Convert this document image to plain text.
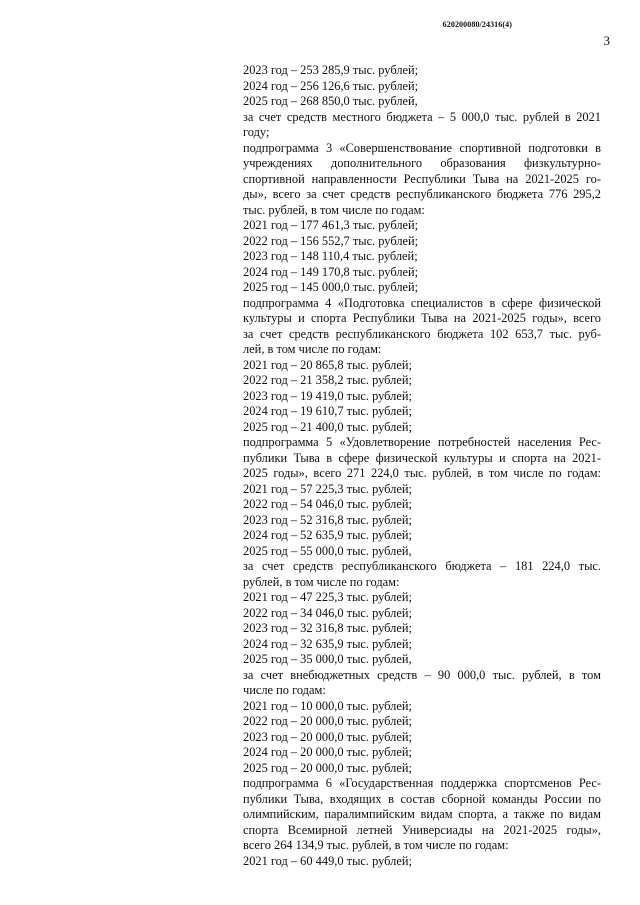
620200080/24316(4)
3
2023 год – 253 285,9 тыс. рублей;
2024 год – 256 126,6 тыс. рублей;
2025 год – 268 850,0 тыс. рублей,
за счет средств местного бюджета – 5 000,0 тыс. рублей в 2021
году;
подпрограмма 3 «Совершенствование спортивной подготовки в
учреждениях дополнительного образования физкультурно-
спортивной направленности Республики Тыва на 2021-2025 го-
ды», всего за счет средств республиканского бюджета 776 295,2
тыс. рублей, в том числе по годам:
2021 год – 177 461,3 тыс. рублей;
2022 год – 156 552,7 тыс. рублей;
2023 год – 148 110,4 тыс. рублей;
2024 год – 149 170,8 тыс. рублей;
2025 год – 145 000,0 тыс. рублей;
подпрограмма 4 «Подготовка специалистов в сфере физической
культуры и спорта Республики Тыва на 2021-2025 годы», всего
за счет средств республиканского бюджета 102 653,7 тыс. руб-
лей, в том числе по годам:
2021 год – 20 865,8 тыс. рублей;
2022 год – 21 358,2 тыс. рублей;
2023 год – 19 419,0 тыс. рублей;
2024 год – 19 610,7 тыс. рублей;
2025 год – 21 400,0 тыс. рублей;
подпрограмма 5 «Удовлетворение потребностей населения Рес-
публики Тыва в сфере физической культуры и спорта на 2021-
2025 годы», всего 271 224,0 тыс. рублей, в том числе по годам:
2021 год – 57 225,3 тыс. рублей;
2022 год – 54 046,0 тыс. рублей;
2023 год – 52 316,8 тыс. рублей;
2024 год – 52 635,9 тыс. рублей;
2025 год – 55 000,0 тыс. рублей,
за счет средств республиканского бюджета – 181 224,0 тыс.
рублей, в том числе по годам:
2021 год – 47 225,3 тыс. рублей;
2022 год – 34 046,0 тыс. рублей;
2023 год – 32 316,8 тыс. рублей;
2024 год – 32 635,9 тыс. рублей;
2025 год – 35 000,0 тыс. рублей,
за счет внебюджетных средств – 90 000,0 тыс. рублей, в том
числе по годам:
2021 год – 10 000,0 тыс. рублей;
2022 год – 20 000,0 тыс. рублей;
2023 год – 20 000,0 тыс. рублей;
2024 год – 20 000,0 тыс. рублей;
2025 год – 20 000,0 тыс. рублей;
подпрограмма 6 «Государственная поддержка спортсменов Рес-
публики Тыва, входящих в состав сборной команды России по
олимпийским, паралимпийским видам спорта, а также по видам
спорта Всемирной летней Универсиады на 2021-2025 годы»,
всего 264 134,9 тыс. рублей, в том числе по годам:
2021 год – 60 449,0 тыс. рублей;
